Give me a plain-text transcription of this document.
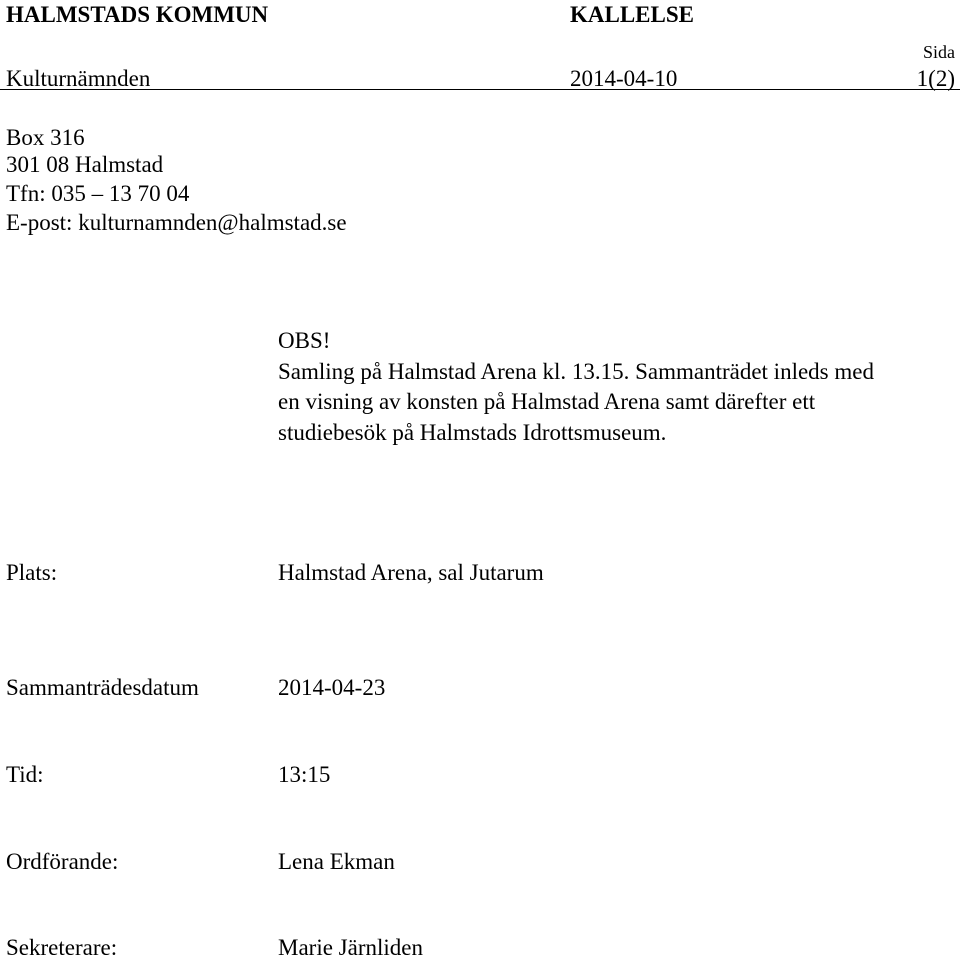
HALMSTADS KOMMUN	KALLELSE
Sida
Kulturnämnden	2014-04-10	1(2)
Box 316
301 08 Halmstad
Tfn: 035 – 13 70 04
E-post: kulturnamnden@halmstad.se
OBS!
Samling på Halmstad Arena kl. 13.15. Sammanträdet inleds med
en visning av konsten på Halmstad Arena samt därefter ett
studiebesök på Halmstads Idrottsmuseum.
Plats:	Halmstad Arena, sal Jutarum
Sammanträdesdatum	2014-04-23
Tid:	13:15
Ordförande:	Lena Ekman
Sekreterare:	Marie Järnliden
